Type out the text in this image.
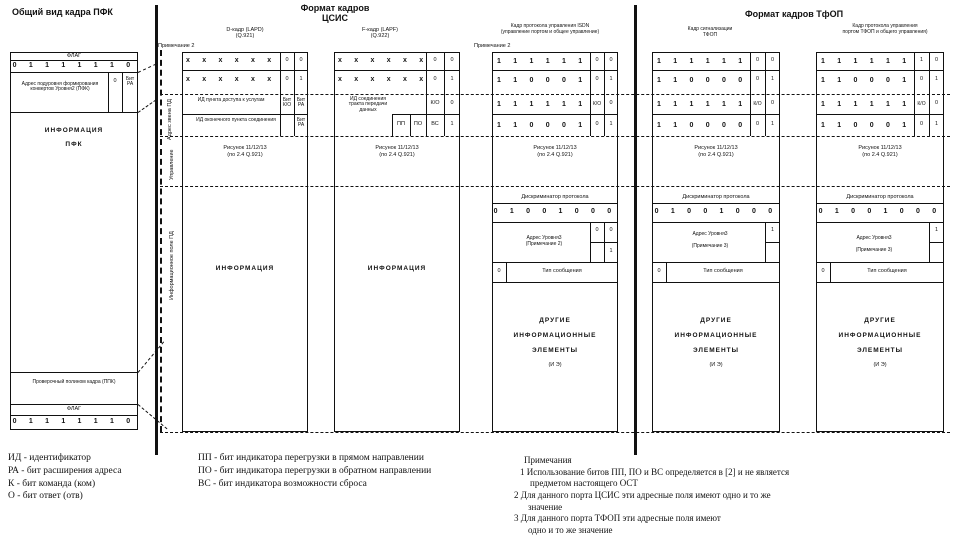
Общий вид кадра ПФК	Формат кадров
ЦСИС	Формат кадров ТфОП
D-кадр (LAPD)
(Q.921)
F-кадр (LAPF)
(Q.922)
Кадр протокола управления ISDN
(управление портом и общее управление)	Кадр сигнализации
ТФОП
Кадр протокола управления
портом ТФОП и общего управления)
ФЛАГ
0 1 1 1 1 1 1 0
Адрес подуровня формирования конвертов Уровня2 (ПФК)
0	Бит РА
ИНФОРМАЦИЯ
ПФК
Проверочный полином кадра (ППК)
ФЛАГ
0 1 1 1 1 1 1 0
Примечание 2	Примечание 2
Адрес звена ПД
Управление
Информационное поле ПД
x x x x x x	0	0
x x x x x x	0	1
ИД пункта доступа к услугам	Бит К/О
Бит РА
ИД оконечного пункта соединения	Бит РА
Рисунок 11/12/13
(по 2.4 Q.921)
ИНФОРМАЦИЯ
x x x x x x 0	0
x x x x x x 0	1
ИД соединения тракта передачи данных
К/О	0
ПП	ПО	ВС	1
Рисунок 11/12/13
(по 2.4 Q.921)
ИНФОРМАЦИЯ
1 1 1 1 1 1	0	0
1 1 0 0 0 1	0	1
1 1 1 1 1 1	К/О	0
1 1 0 0 0 1	0	1
Рисунок 11/12/13
(по 2.4 Q.921)
Дискриминатор протокола
0 1 0 0 1 0 0 0
Адрес Уровня3
(Примечание 2)
0	0
1
0	Тип сообщения
ДРУГИЕ
ИНФОРМАЦИОННЫЕ
ЭЛЕМЕНТЫ
(И Э)
1 1 1 1 1 1	0	0
1 1 0 0 0 0	0	1
1 1 1 1 1 1	К/О	0
1 1 0 0 0 0	0	1
Рисунок 11/12/13
(по 2.4 Q.921)
Дискриминатор протокола
0 1 0 0 1 0 0 0
Адрес Уровня3
(Примечание 3)
1
0	Тип сообщения
ДРУГИЕ
ИНФОРМАЦИОННЫЕ
ЭЛЕМЕНТЫ
(И Э)
1 1 1 1 1 1	1	0
1 1 0 0 0 1	0	1
1 1 1 1 1 1	К/О	0
1 1 0 0 0 1	0	1
Рисунок 11/12/13
(по 2.4 Q.921)
Дискриминатор протокола
0 1 0 0 1 0 0 0
Адрес Уровня3
(Примечание 3)
1
0	Тип сообщения
ДРУГИЕ
ИНФОРМАЦИОННЫЕ
ЭЛЕМЕНТЫ
(И Э)
ИД - идентификатор
РА - бит расширения адреса
К - бит команда (ком)
О - бит ответ (отв)
ПП - бит индикатора перегрузки в прямом направлении
ПО - бит индикатора перегрузки в обратном направлении
ВС - бит индикатора возможности сброса
Примечания
1 Использование битов ПП, ПО и ВС определяется в [2] и не является
предметом настоящего ОСТ
2 Для данного порта ЦСИС эти адресные поля имеют одно и то же
значение
3 Для данного порта ТФОП эти адресные поля имеют
одно и то же значение
